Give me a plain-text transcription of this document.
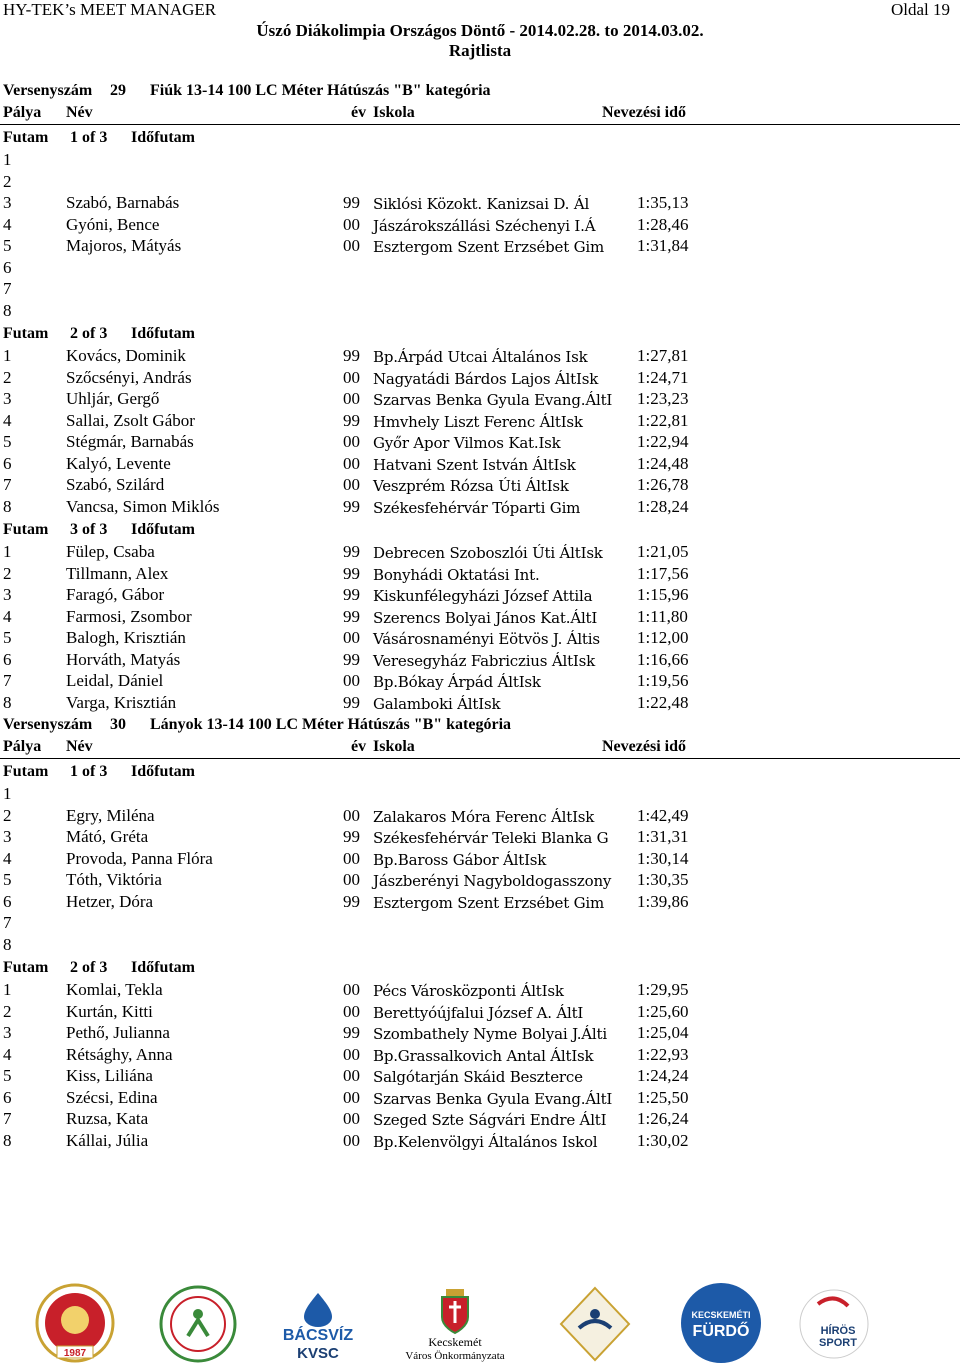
HY-TEK’s MEET MANAGER	Oldal 19
Úszó Diákolimpia Országos Döntő - 2014.02.28. to 2014.03.02.
Rajtlista
Versenyszám 29 Fiúk 13-14 100 LC Méter Hátúszás "B" kategória
Pálya Név	év Iskola	Nevezési idő
Futam 1 of 3 Időfutam
1
2
3	Szabó, Barnabás	99 Siklósi Közokt. Kanizsai D. Ál	1:35,13
4	Gyóni, Bence	00 Jászárokszállási Széchenyi I.Á 1:28,46
5	Majoros, Mátyás	00 Esztergom Szent Erzsébet Gim 1:31,84
6
7
8
Futam 2 of 3 Időfutam
1	Kovács, Dominik	99 Bp.Árpád Utcai Általános Isk	1:27,81
2	Szőcsényi, András	00 Nagyatádi Bárdos Lajos ÁltIsk 1:24,71
3	Uhljár, Gergő	00 Szarvas Benka Gyula Evang.ÁltI 1:23,23
4	Sallai, Zsolt Gábor	99 Hmvhely Liszt Ferenc ÁltIsk	1:22,81
5	Stégmár, Barnabás	00 Győr Apor Vilmos Kat.Isk	1:22,94
6	Kalyó, Levente	00 Hatvani Szent István ÁltIsk	1:24,48
7	Szabó, Szilárd	00 Veszprém Rózsa Úti ÁltIsk	1:26,78
8	Vancsa, Simon Miklós	99 Székesfehérvár Tóparti Gim	1:28,24
Futam 3 of 3 Időfutam
1	Fülep, Csaba	99 Debrecen Szoboszlói Úti ÁltIsk 1:21,05
2	Tillmann, Alex	99 Bonyhádi Oktatási Int.	1:17,56
3	Faragó, Gábor	99 Kiskunfélegyházi József Attila	1:15,96
4	Farmosi, Zsombor	99 Szerencs Bolyai János Kat.ÁltI 1:11,80
5	Balogh, Krisztián	00 Vásárosnaményi Eötvös J. Áltis 1:12,00
6	Horváth, Matyás	99 Veresegyház Fabriczius ÁltIsk 1:16,66
7	Leidal, Dániel	00 Bp.Bókay Árpád ÁltIsk	1:19,56
8	Varga, Krisztián	99 Galamboki ÁltIsk	1:22,48
Versenyszám 30 Lányok 13-14 100 LC Méter Hátúszás "B" kategória
Pálya Név	év Iskola	Nevezési idő
Futam 1 of 3 Időfutam
1
2	Egry, Miléna	00 Zalakaros Móra Ferenc ÁltIsk	1:42,49
3	Mátó, Gréta	99 Székesfehérvár Teleki Blanka G 1:31,31
4	Provoda, Panna Flóra	00 Bp.Baross Gábor ÁltIsk	1:30,14
5	Tóth, Viktória	00 Jászberényi Nagyboldogasszony 1:30,35
6	Hetzer, Dóra	99 Esztergom Szent Erzsébet Gim 1:39,86
7
8
Futam 2 of 3 Időfutam
1	Komlai, Tekla	00 Pécs Városközponti ÁltIsk	1:29,95
2	Kurtán, Kitti	00 Berettyóújfalui József A. ÁltI	1:25,60
3	Pethő, Julianna	99 Szombathely Nyme Bolyai J.Álti 1:25,04
4	Rétsághy, Anna	00 Bp.Grassalkovich Antal ÁltIsk	1:22,93
5	Kiss, Liliána	00 Salgótarján Skáid Beszterce	1:24,24
6	Szécsi, Edina	00 Szarvas Benka Gyula Evang.ÁltI 1:25,50
7	Ruzsa, Kata	00 Szeged Szte Ságvári Endre ÁltI 1:26,24
8	Kállai, Júlia	00 Bp.Kelenvölgyi Általános Iskol 1:30,02
1987
BÁCSVÍZ
KVSC
Kecskemét
Város Önkormányzata
KECSKEMÉTI
FÜRDŐ	HÍRÖS
SPORT
